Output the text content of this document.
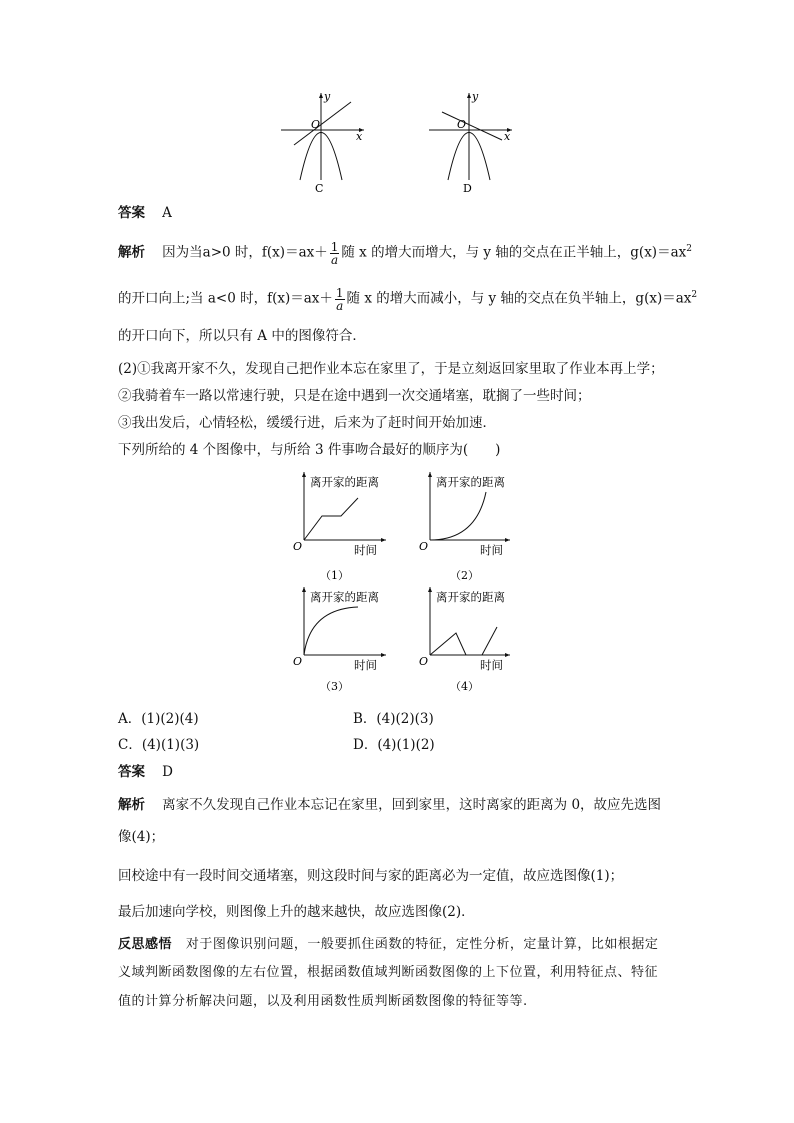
y
x
O
C
y
x
O
D
答案 A
解析 因为当a>0 时，$f(x)=ax+ \frac{1}{a}$ 随 x 的增大而增大，与 y 轴的交点在正半轴上，$g(x)=ax^2$
的开口向上;当 a<0 时，$f(x)=ax+ \frac{1}{a}$ 随 x 的增大而减小，与 y 轴的交点在负半轴上，$g(x)=ax^2$
的开口向下，所以只有 A 中的图像符合．
(2)①我离开家不久，发现自己把作业本忘在家里了，于是立刻返回家里取了作业本再上学；
②我骑着车一路以常速行驶，只是在途中遇到一次交通堵塞，耽搁了一些时间；
③我出发后，心情轻松，缓缓行进，后来为了赶时间开始加速．
下列所给的 4 个图像中，与所给 3 件事吻合最好的顺序为(　　)
离开家的距离
时间
O
（1）
离开家的距离
时间
O
（2）
离开家的距离
时间
O
（3）
离开家的距离
时间
O
（4）
A．(1)(2)(4)	B．(4)(2)(3)
C．(4)(1)(3)	D．(4)(1)(2)
答案 D
解析 离家不久发现自己作业本忘记在家里，回到家里，这时离家的距离为 0，故应先选图
像(4)；
回校途中有一段时间交通堵塞，则这段时间与家的距离必为一定值，故应选图像(1)；
最后加速向学校，则图像上升的越来越快，故应选图像(2)．
反思感悟 对于图像识别问题，一般要抓住函数的特征，定性分析，定量计算，比如根据定
义域判断函数图像的左右位置，根据函数值域判断函数图像的上下位置，利用特征点、特征
值的计算分析解决问题，以及利用函数性质判断函数图像的特征等等.
